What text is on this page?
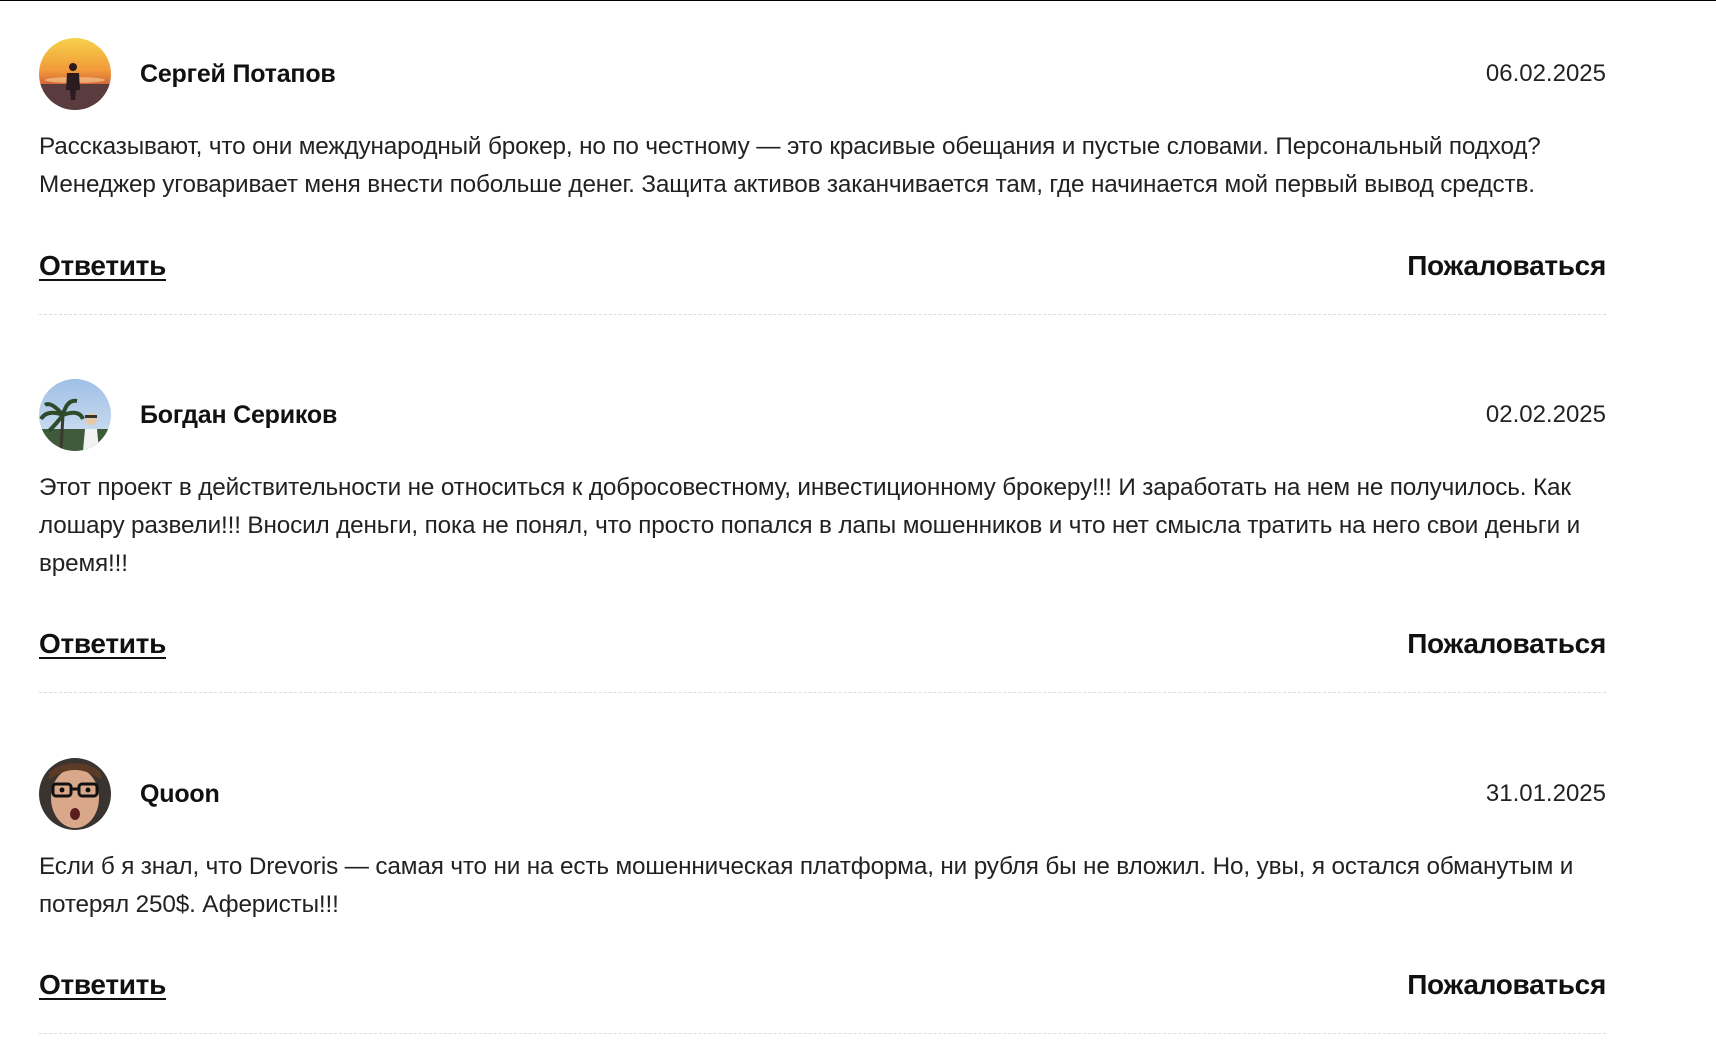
Сергей Потапов	06.02.2025

Рассказывают, что они международный брокер, но по честному — это красивые обещания и пустые словами. Персональный подход? Менеджер уговаривает меня внести побольше денег. Защита активов заканчивается там, где начинается мой первый вывод средств.

Ответить	Пожаловаться
Богдан Сериков	02.02.2025

Этот проект в действительности не относиться к добросовестному, инвестиционному брокеру!!! И заработать на нем не получилось. Как лошару развели!!! Вносил деньги, пока не понял, что просто попался в лапы мошенников и что нет смысла тратить на него свои деньги и время!!!

Ответить	Пожаловаться
Quoon	31.01.2025

Если б я знал, что Drevoris — самая что ни на есть мошенническая платформа, ни рубля бы не вложил. Но, увы, я остался обманутым и потерял 250$. Аферисты!!!

Ответить	Пожаловаться
